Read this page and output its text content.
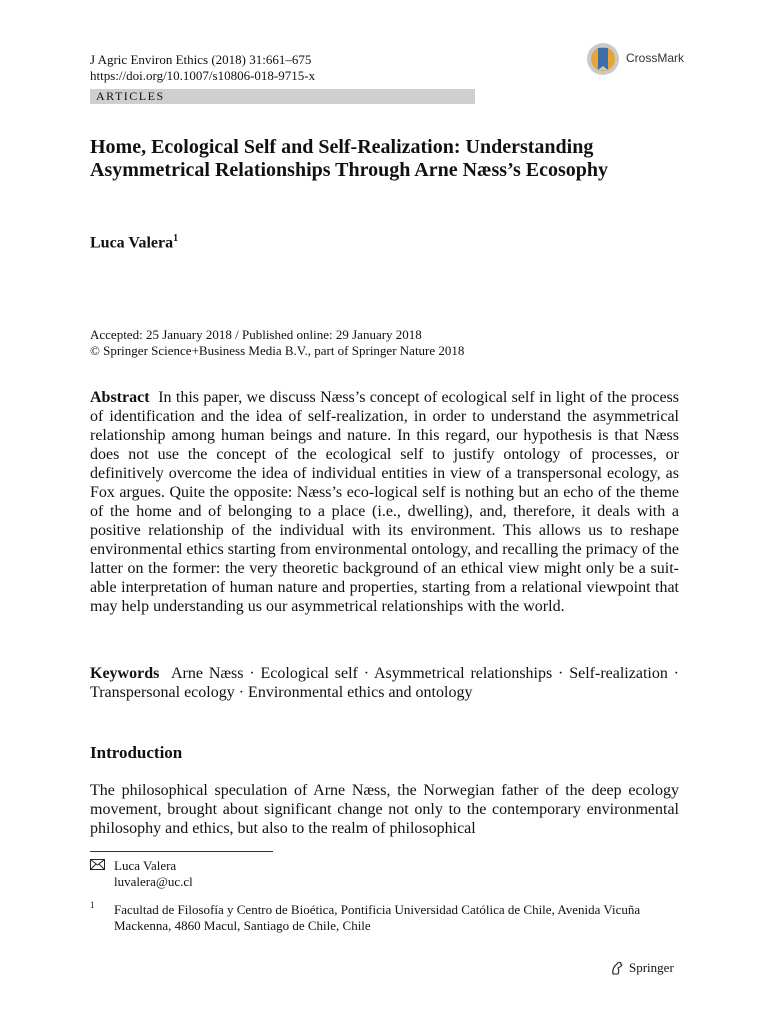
J Agric Environ Ethics (2018) 31:661–675
https://doi.org/10.1007/s10806-018-9715-x
CrossMark
ARTICLES
Home, Ecological Self and Self-Realization: Understanding Asymmetrical Relationships Through Arne Næss’s Ecosophy
Luca Valera$^1$
Accepted: 25 January 2018 / Published online: 29 January 2018
© Springer Science+Business Media B.V., part of Springer Nature 2018

Abstract In this paper, we discuss Næss’s concept of ecological self in light of the process of identification and the idea of self-realization, in order to understand the asymmetrical relationship among human beings and nature. In this regard, our hypothesis is that Næss does not use the concept of the ecological self to justify ontology of processes, or definitively overcome the idea of individual entities in view of a transpersonal ecology, as Fox argues. Quite the opposite: Næss’s eco-logical self is nothing but an echo of the theme of the home and of belonging to a place (i.e., dwelling), and, therefore, it deals with a positive relationship of the individual with its environment. This allows us to reshape environmental ethics starting from environmental ontology, and recalling the primacy of the latter on the former: the very theoretic background of an ethical view might only be a suit-able interpretation of human nature and properties, starting from a relational viewpoint that may help understanding us our asymmetrical relationships with the world.

Keywords Arne Næss · Ecological self · Asymmetrical relationships · Self-realization · Transpersonal ecology · Environmental ethics and ontology

Introduction

The philosophical speculation of Arne Næss, the Norwegian father of the deep ecology movement, brought about significant change not only to the contemporary environmental philosophy and ethics, but also to the realm of philosophical

Luca Valera
luvalera@uc.cl
1 Facultad de Filosofía y Centro de Bioética, Pontificia Universidad Católica de Chile, Avenida Vicuña Mackenna, 4860 Macul, Santiago de Chile, Chile
Springer
